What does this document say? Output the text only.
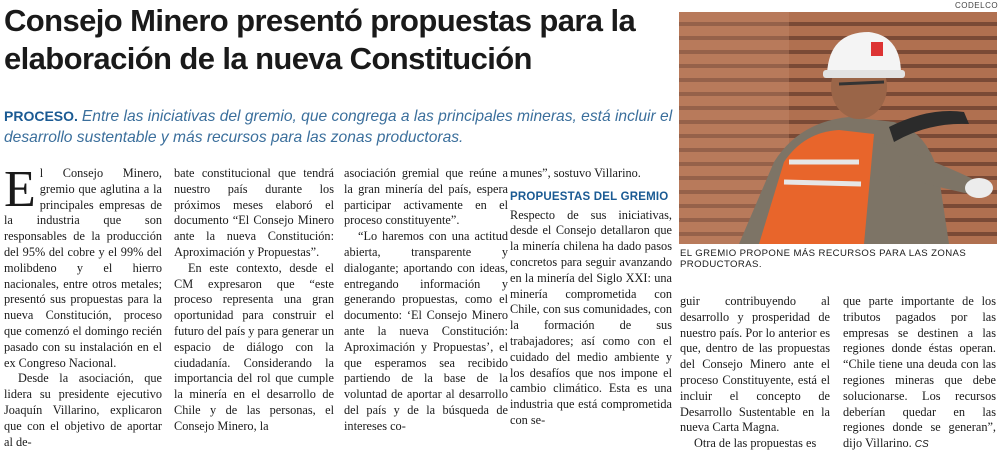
Consejo Minero presentó propuestas para la elaboración de la nueva Constitución

PROCESO. Entre las iniciativas del gremio, que congrega a las principales mineras, está incluir el desarrollo sustentable y más recursos para las zonas productoras.

El Consejo Minero, gremio que aglutina a la principales empresas de la industria que son responsables de la producción del 95% del cobre y el 99% del molibdeno y el hierro nacionales, entre otros metales; presentó sus propuestas para la nueva Constitución, proceso que comenzó el domingo recién pasado con su instalación en el ex Congreso Nacional.

Desde la asociación, que lidera su presidente ejecutivo Joaquín Villarino, explicaron que con el objetivo de aportar al de-

bate constitucional que tendrá nuestro país durante los próximos meses elaboró el documento “El Consejo Minero ante la nueva Constitución: Aproximación y Propuestas”.

En este contexto, desde el CM expresaron que “este proceso representa una gran oportunidad para construir el futuro del país y para generar un espacio de diálogo con la ciudadanía. Considerando la importancia del rol que cumple la minería en el desarrollo de Chile y de las personas, el Consejo Minero, la

asociación gremial que reúne a la gran minería del país, espera participar activamente en el proceso constituyente”.

“Lo haremos con una actitud abierta, transparente y dialogante; aportando con ideas, entregando información y generando propuestas, como el documento: ‘El Consejo Minero ante la nueva Constitución: Aproximación y Propuestas’, el que esperamos sea recibido partiendo de la base de la voluntad de aportar al desarrollo del país y de la búsqueda de intereses co-

munes”, sostuvo Villarino.

PROPUESTAS DEL GREMIO

Respecto de sus iniciativas, desde el Consejo detallaron que la minería chilena ha dado pasos concretos para seguir avanzando en la minería del Siglo XXI: una minería comprometida con Chile, con sus comunidades, con la formación de sus trabajadores; así como con el cuidado del medio ambiente y los desafíos que nos impone el cambio climático. Esta es una industria que está comprometida con se-

CODELCO
EL GREMIO PROPONE MÁS RECURSOS PARA LAS ZONAS PRODUCTORAS.

guir contribuyendo al desarrollo y prosperidad de nuestro país. Por lo anterior es que, dentro de las propuestas del Consejo Minero ante el proceso Constituyente, está el incluir el concepto de Desarrollo Sustentable en la nueva Carta Magna.

Otra de las propuestas es

que parte importante de los tributos pagados por las empresas se destinen a las regiones donde éstas operan. “Chile tiene una deuda con las regiones mineras que debe solucionarse. Los recursos deberían quedar en las regiones donde se generan”, dijo Villarino. CS
